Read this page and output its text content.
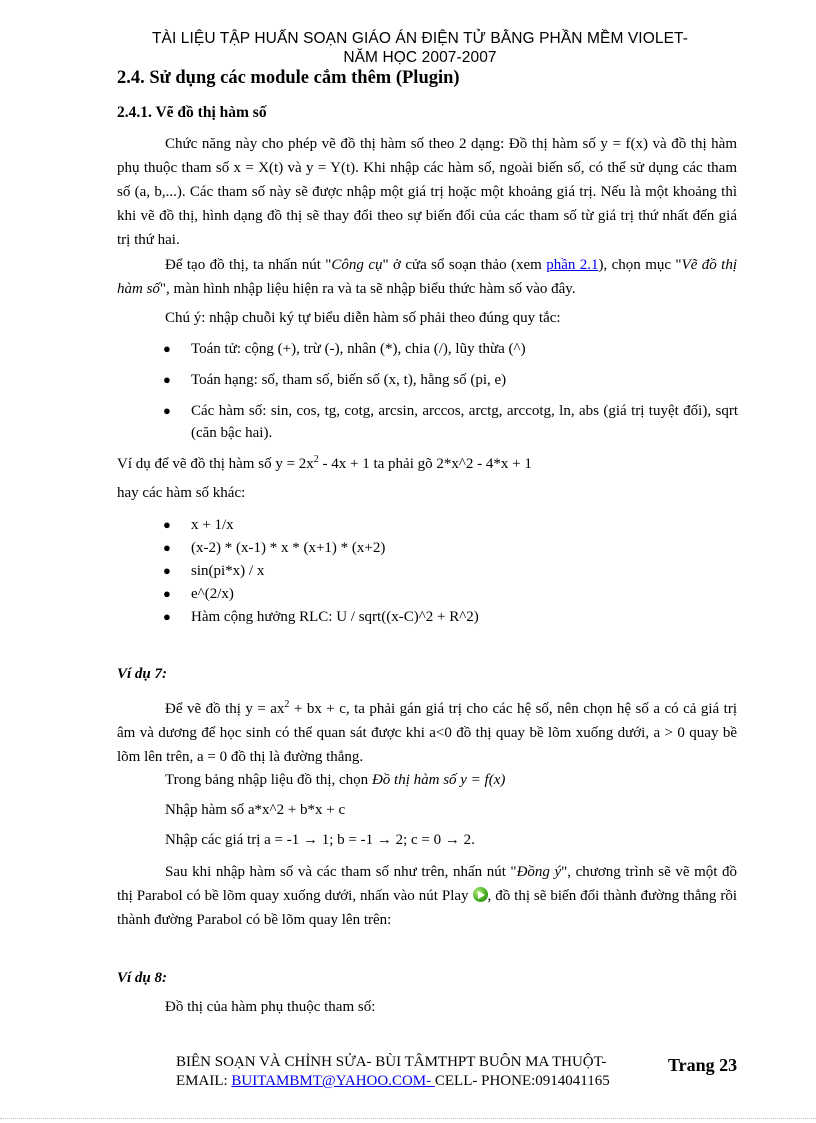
TÀI LIỆU TẬP HUẤN SOẠN GIÁO ÁN ĐIỆN TỬ BẰNG PHẦN MỀM VIOLET-
NĂM HỌC 2007-2007
2.4. Sử dụng các module cắm thêm (Plugin)
2.4.1. Vẽ đồ thị hàm số
Chức năng này cho phép vẽ đồ thị hàm số theo 2 dạng: Đồ thị hàm số y = f(x) và đồ thị hàm phụ thuộc tham số x = X(t) và y = Y(t). Khi nhập các hàm số, ngoài biến số, có thể sử dụng các tham số (a, b,...). Các tham số này sẽ được nhập một giá trị hoặc một khoảng giá trị. Nếu là một khoảng thì khi vẽ đồ thị, hình dạng đồ thị sẽ thay đổi theo sự biến đổi của các tham số từ giá trị thứ nhất đến giá trị thứ hai.
Để tạo đồ thị, ta nhấn nút "Công cụ" ở cửa sổ soạn thảo (xem phần 2.1), chọn mục "Vẽ đồ thị hàm số", màn hình nhập liệu hiện ra và ta sẽ nhập biểu thức hàm số vào đây.
Chú ý: nhập chuỗi ký tự biểu diễn hàm số phải theo đúng quy tắc:
● Toán tử: cộng (+), trừ (-), nhân (*), chia (/), lũy thừa (^)
● Toán hạng: số, tham số, biến số (x, t), hằng số (pi, e)
● Các hàm số: sin, cos, tg, cotg, arcsin, arccos, arctg, arccotg, ln, abs (giá trị tuyệt đối), sqrt (căn bậc hai).
Ví dụ để vẽ đồ thị hàm số $y = 2x^2 - 4x + 1$ ta phải gõ 2*x^2 - 4*x + 1
hay các hàm số khác:
● x + 1/x
● (x-2) * (x-1) * x * (x+1) * (x+2)
● sin(pi*x) / x
● e^(2/x)
● Hàm cộng hưởng RLC: U / sqrt((x-C)^2 + R^2)
Ví dụ 7:
Để vẽ đồ thị $y = ax^2$ + bx + c, ta phải gán giá trị cho các hệ số, nên chọn hệ số a có cả giá trị âm và dương để học sinh có thể quan sát được khi a<0 đồ thị quay bề lõm xuống dưới, a > 0 quay bề lõm lên trên, a = 0 đồ thị là đường thẳng.
Trong bảng nhập liệu đồ thị, chọn Đồ thị hàm số y = f(x)
Nhập hàm số a*x^2 + b*x + c
Nhập các giá trị a = -1 → 1; b = -1 → 2; c = 0 → 2.
Sau khi nhập hàm số và các tham số như trên, nhấn nút "Đồng ý", chương trình sẽ vẽ một đồ thị Parabol có bề lõm quay xuống dưới, nhấn vào nút Play , đồ thị sẽ biến đổi thành đường thẳng rồi thành đường Parabol có bề lõm quay lên trên:
Ví dụ 8:
Đồ thị của hàm phụ thuộc tham số:
BIÊN SOẠN VÀ CHỈNH SỬA- BÙI TÂMTHPT BUÔN MA THUỘT-
EMAIL: BUITAMBMT@YAHOO.COM- CELL- PHONE:0914041165
Trang 23
